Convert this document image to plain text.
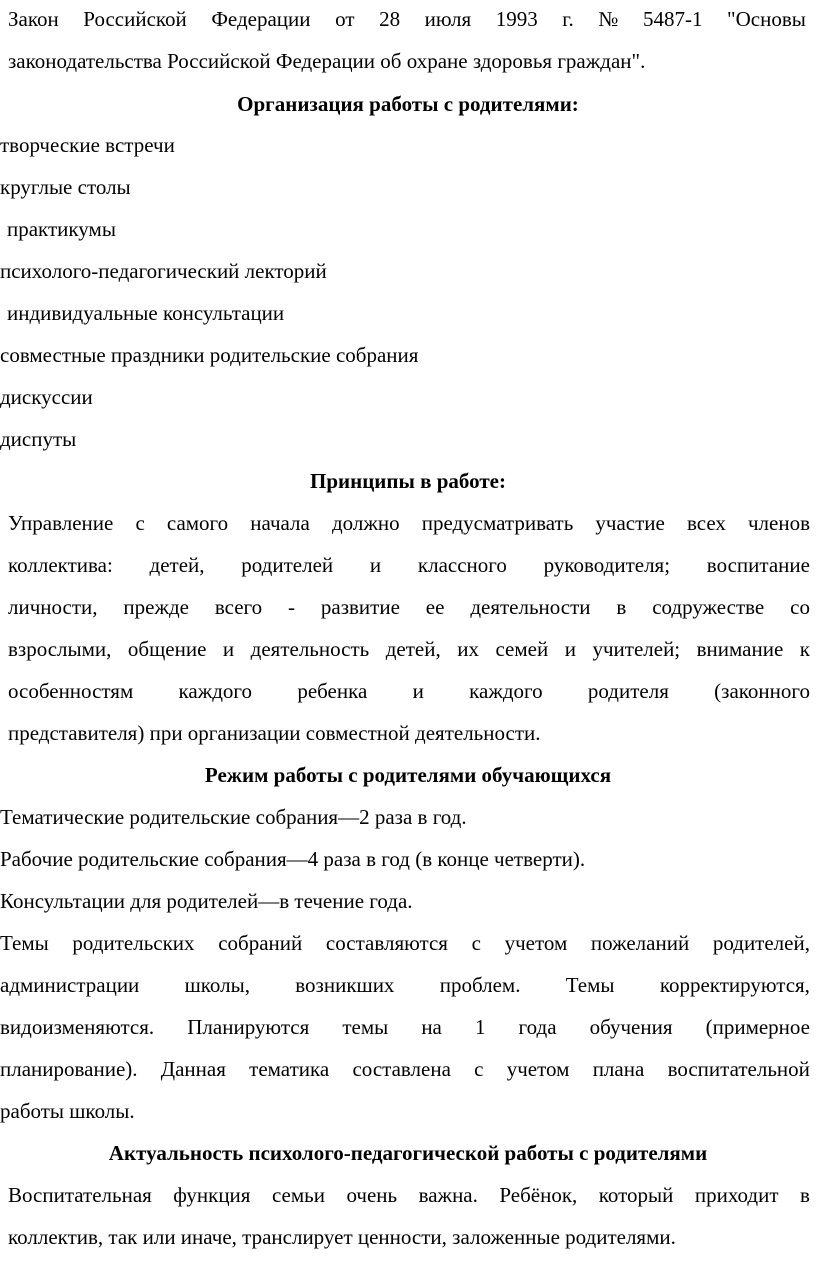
Закон Российской Федерации от 28 июля 1993 г. № 5487-1 "Основы
законодательства Российской Федерации об охране здоровья граждан".
Организация работы с родителями:
творческие встречи
круглые столы
практикумы
психолого-педагогический лекторий
индивидуальные консультации
совместные праздники родительские собрания
дискуссии
диспуты
Принципы в работе:
Управление с самого начала должно предусматривать участие всех членов
коллектива: детей, родителей и классного руководителя; воспитание
личности, прежде всего - развитие ее деятельности в содружестве со
взрослыми, общение и деятельность детей, их семей и учителей; внимание к
особенностям каждого ребенка и каждого родителя (законного
представителя) при организации совместной деятельности.
Режим работы с родителями обучающихся
Тематические родительские собрания—2 раза в год.
Рабочие родительские собрания—4 раза в год (в конце четверти).
Консультации для родителей—в течение года.
Темы родительских собраний составляются с учетом пожеланий родителей,
администрации школы, возникших проблем. Темы корректируются,
видоизменяются. Планируются темы на 1 года обучения (примерное
планирование). Данная тематика составлена с учетом плана воспитательной
работы школы.
Актуальность психолого-педагогической работы с родителями
Воспитательная функция семьи очень важна. Ребёнок, который приходит в
коллектив, так или иначе, транслирует ценности, заложенные родителями.
